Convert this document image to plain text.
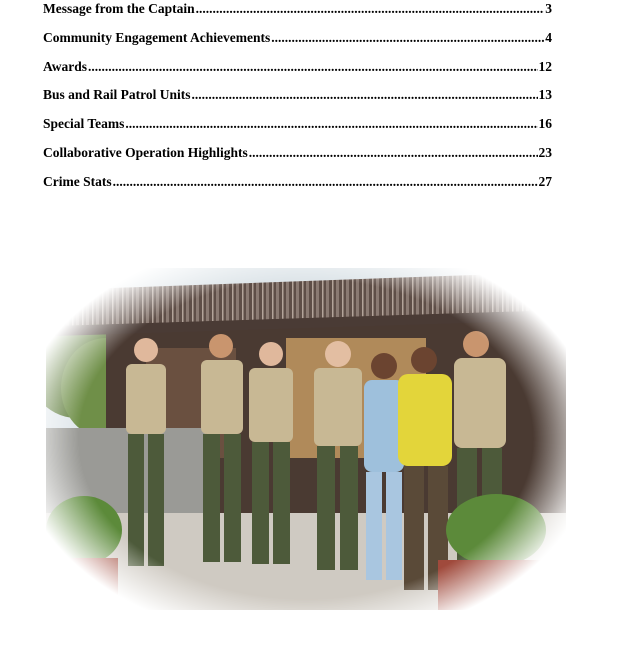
Message from the Captain .....	3
Community Engagement Achievements .....	4
Awards .....	12
Bus and Rail Patrol Units .....	13
Special Teams .....	16
Collaborative Operation Highlights .....	23
Crime Stats .....	27
